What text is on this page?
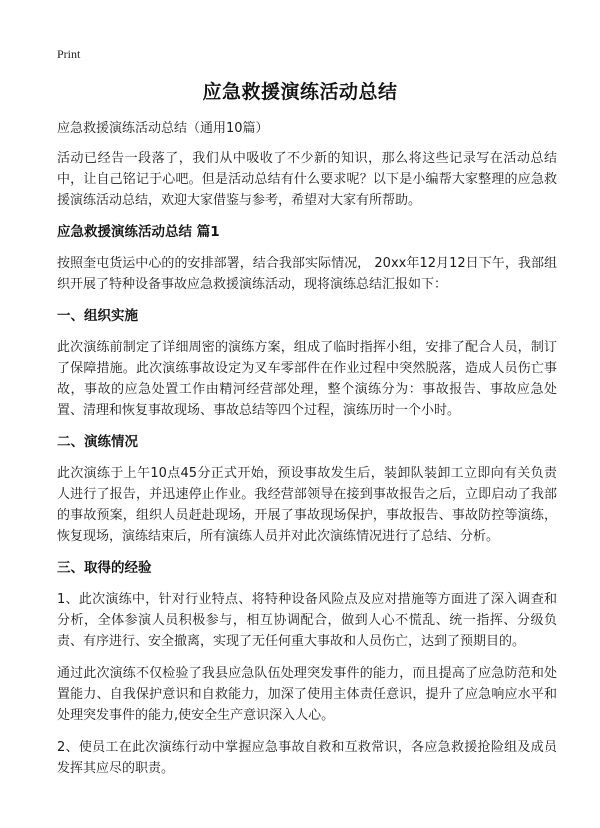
Print
应急救援演练活动总结

应急救援演练活动总结（通用10篇）

活动已经告一段落了，我们从中吸收了不少新的知识，那么将这些记录写在活动总结中，让自己铭记于心吧。但是活动总结有什么要求呢？以下是小编帮大家整理的应急救援演练活动总结，欢迎大家借鉴与参考，希望对大家有所帮助。

应急救援演练活动总结 篇1

按照奎屯货运中心的的安排部署，结合我部实际情况， 20xx年12月12日下午，我部组织开展了特种设备事故应急救援演练活动，现将演练总结汇报如下：

一、组织实施

此次演练前制定了详细周密的演练方案，组成了临时指挥小组，安排了配合人员，制订了保障措施。此次演练事故设定为叉车零部件在作业过程中突然脱落，造成人员伤亡事故，事故的应急处置工作由精河经营部处理，整个演练分为：事故报告、事故应急处置、清理和恢复事故现场、事故总结等四个过程，演练历时一个小时。

二、演练情况

此次演练于上午10点45分正式开始，预设事故发生后，装卸队装卸工立即向有关负责人进行了报告，并迅速停止作业。我经营部领导在接到事故报告之后，立即启动了我部的事故预案，组织人员赶赴现场，开展了事故现场保护，事故报告、事故防控等演练，恢复现场，演练结束后，所有演练人员并对此次演练情况进行了总结、分析。

三、取得的经验

1、此次演练中，针对行业特点、将特种设备风险点及应对措施等方面进了深入调查和分析，全体参演人员积极参与，相互协调配合，做到人心不慌乱、统一指挥、分级负责、有序进行、安全撤离，实现了无任何重大事故和人员伤亡，达到了预期目的。

通过此次演练不仅检验了我县应急队伍处理突发事件的能力，而且提高了应急防范和处置能力、自我保护意识和自救能力，加深了使用主体责任意识，提升了应急响应水平和处理突发事件的能力,使安全生产意识深入人心。

2、使员工在此次演练行动中掌握应急事故自救和互救常识，各应急救援抢险组及成员发挥其应尽的职责。
